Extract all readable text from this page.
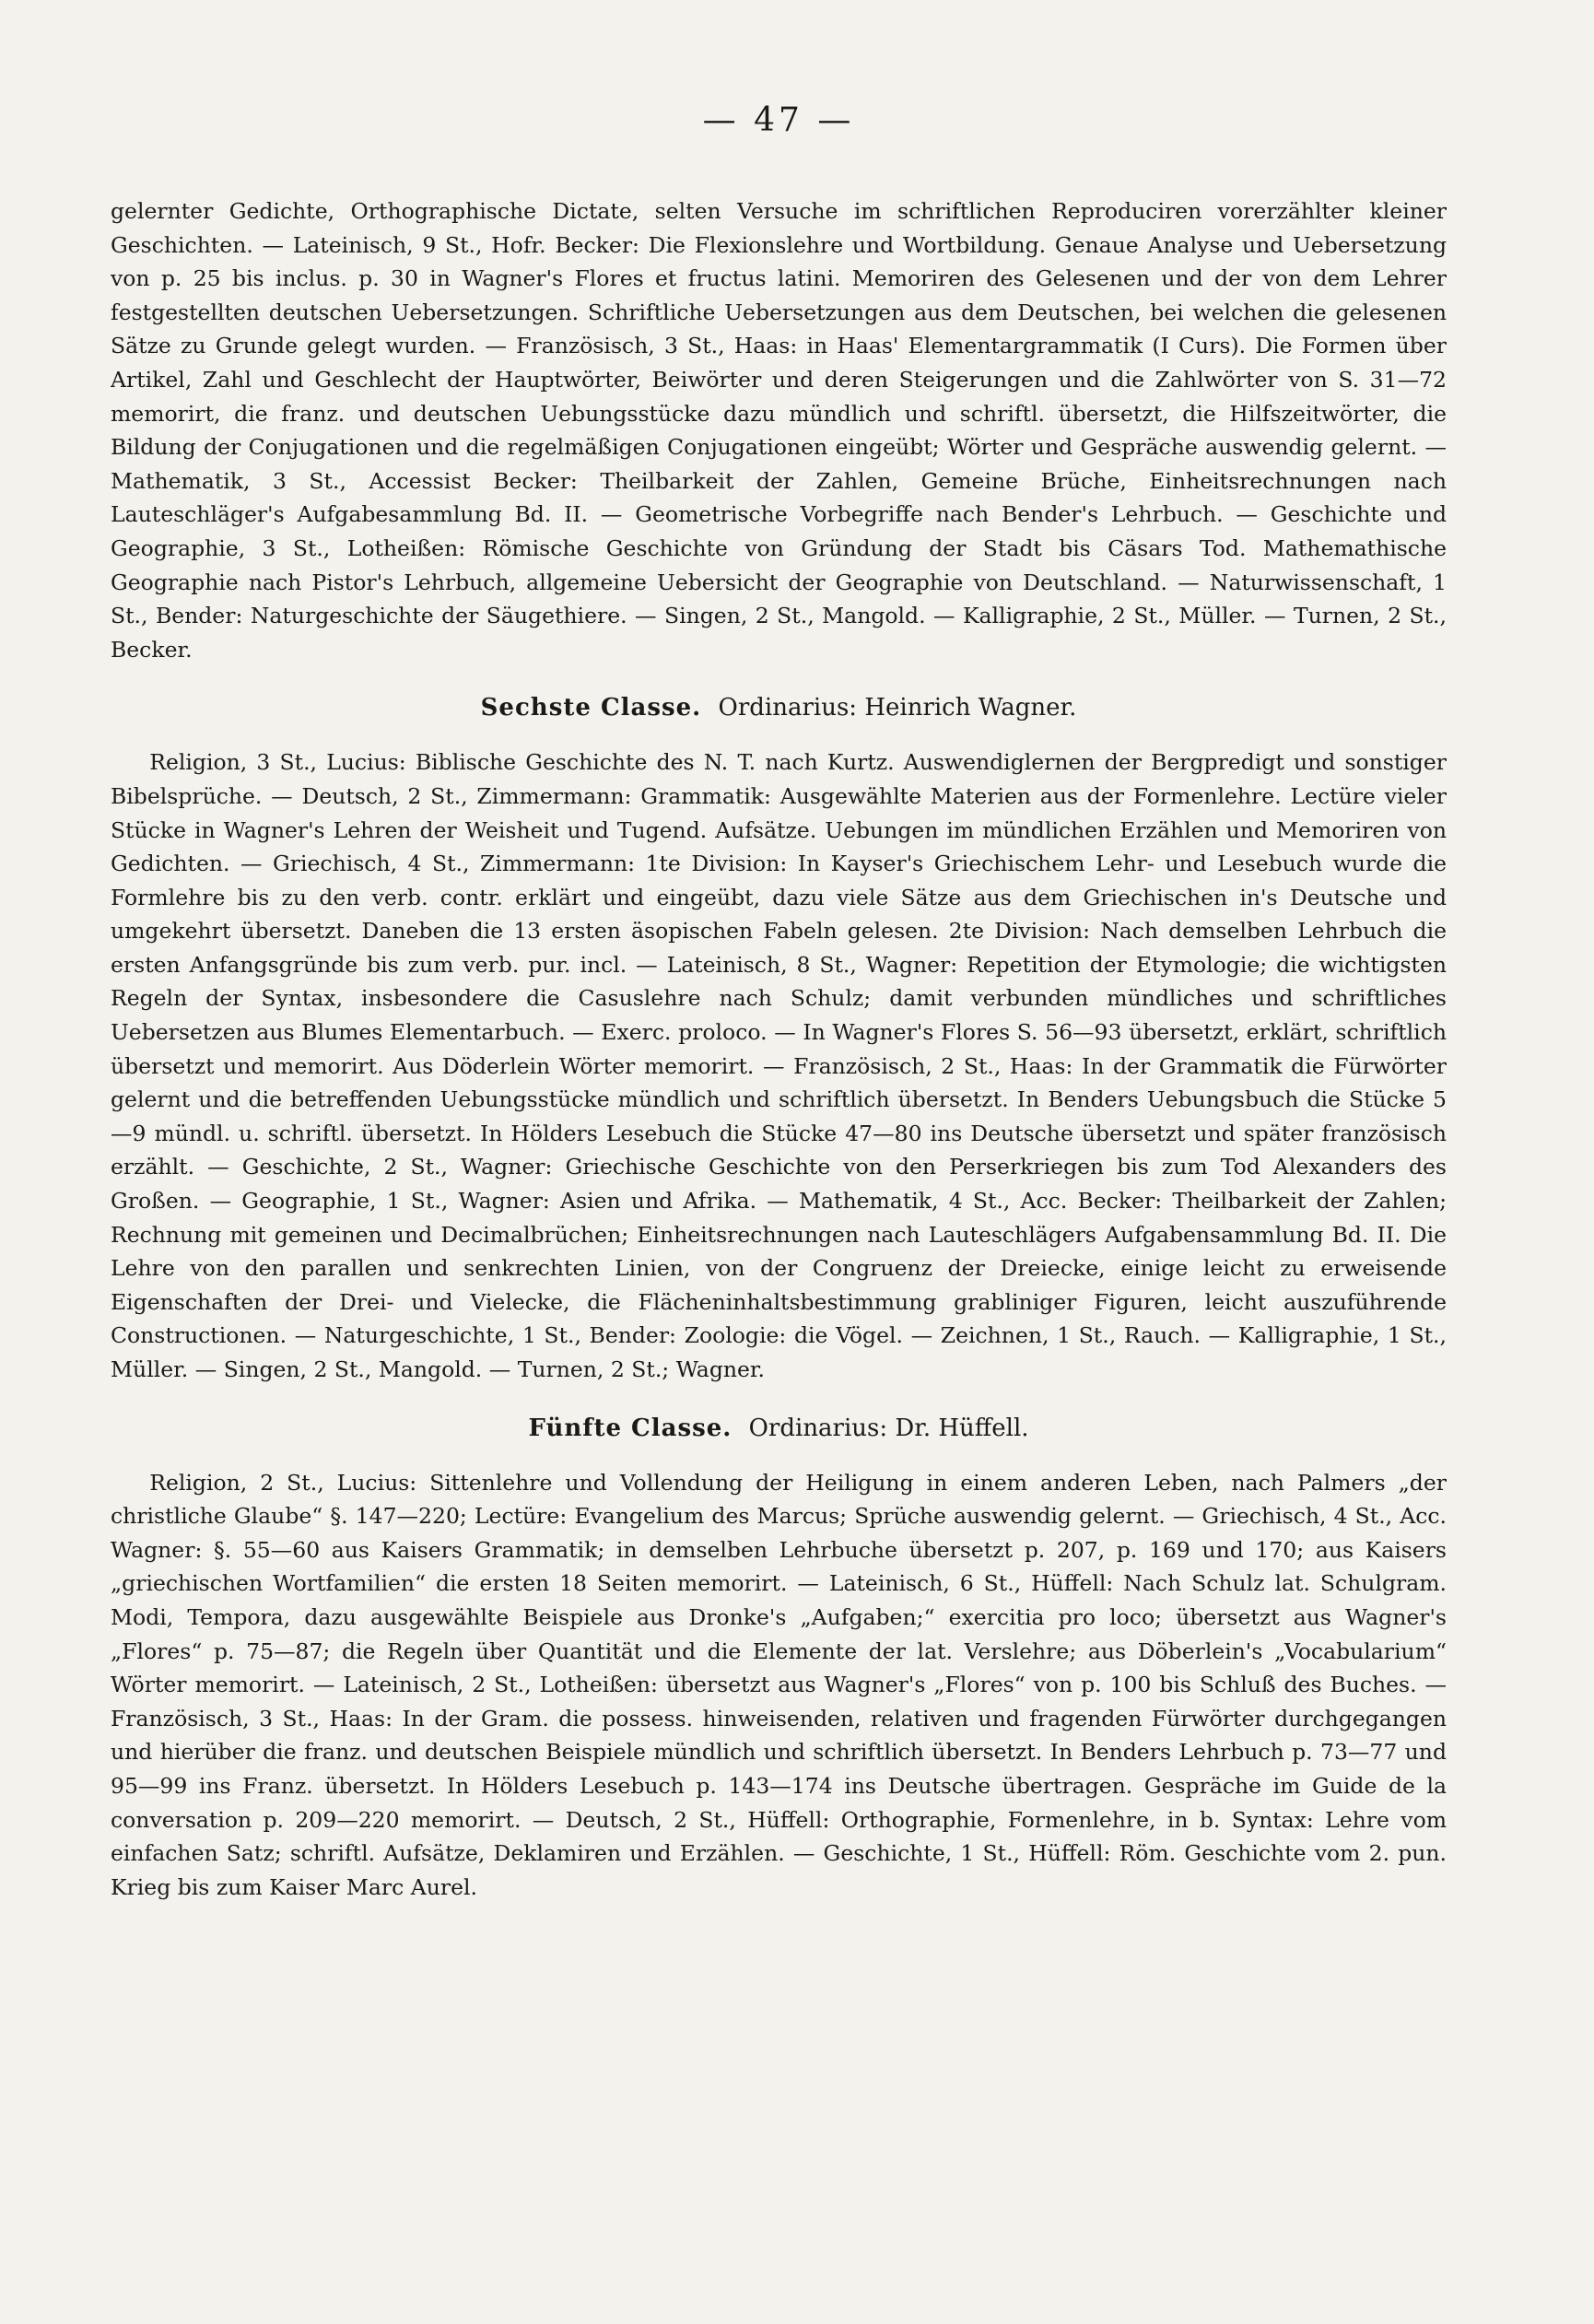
— 47 —

gelernter Gedichte, Orthographische Dictate, selten Versuche im schriftlichen Reproduciren vorerzählter kleiner Geschichten. — Lateinisch, 9 St., Hofr. Becker: Die Flexionslehre und Wortbildung. Genaue Analyse und Uebersetzung von p. 25 bis inclus. p. 30 in Wagner's Flores et fructus latini. Memoriren des Gelesenen und der von dem Lehrer festgestellten deutschen Uebersetzungen. Schriftliche Uebersetzungen aus dem Deutschen, bei welchen die gelesenen Sätze zu Grunde gelegt wurden. — Französisch, 3 St., Haas: in Haas' Elementargrammatik (I Curs). Die Formen über Artikel, Zahl und Geschlecht der Hauptwörter, Beiwörter und deren Steigerungen und die Zahlwörter von S. 31—72 memorirt, die franz. und deutschen Uebungsstücke dazu mündlich und schriftl. übersetzt, die Hilfszeitwörter, die Bildung der Conjugationen und die regelmäßigen Conjugationen eingeübt; Wörter und Gespräche auswendig gelernt. — Mathematik, 3 St., Accessist Becker: Theilbarkeit der Zahlen, Gemeine Brüche, Einheitsrechnungen nach Lauteschläger's Aufgabesammlung Bd. II. — Geometrische Vorbegriffe nach Bender's Lehrbuch. — Geschichte und Geographie, 3 St., Lotheißen: Römische Geschichte von Gründung der Stadt bis Cäsars Tod. Mathemathische Geographie nach Pistor's Lehrbuch, allgemeine Uebersicht der Geographie von Deutschland. — Naturwissenschaft, 1 St., Bender: Naturgeschichte der Säugethiere. — Singen, 2 St., Mangold. — Kalligraphie, 2 St., Müller. — Turnen, 2 St., Becker.

Sechste Classe. Ordinarius: Heinrich Wagner.

Religion, 3 St., Lucius: Biblische Geschichte des N. T. nach Kurtz. Auswendiglernen der Bergpredigt und sonstiger Bibelsprüche. — Deutsch, 2 St., Zimmermann: Grammatik: Ausgewählte Materien aus der Formenlehre. Lectüre vieler Stücke in Wagner's Lehren der Weisheit und Tugend. Aufsätze. Uebungen im mündlichen Erzählen und Memoriren von Gedichten. — Griechisch, 4 St., Zimmermann: 1te Division: In Kayser's Griechischem Lehr- und Lesebuch wurde die Formlehre bis zu den verb. contr. erklärt und eingeübt, dazu viele Sätze aus dem Griechischen in's Deutsche und umgekehrt übersetzt. Daneben die 13 ersten äsopischen Fabeln gelesen. 2te Division: Nach demselben Lehrbuch die ersten Anfangsgründe bis zum verb. pur. incl. — Lateinisch, 8 St., Wagner: Repetition der Etymologie; die wichtigsten Regeln der Syntax, insbesondere die Casuslehre nach Schulz; damit verbunden mündliches und schriftliches Uebersetzen aus Blumes Elementarbuch. — Exerc. proloco. — In Wagner's Flores S. 56—93 übersetzt, erklärt, schriftlich übersetzt und memorirt. Aus Döderlein Wörter memorirt. — Französisch, 2 St., Haas: In der Grammatik die Fürwörter gelernt und die betreffenden Uebungsstücke mündlich und schriftlich übersetzt. In Benders Uebungsbuch die Stücke 5—9 mündl. u. schriftl. übersetzt. In Hölders Lesebuch die Stücke 47—80 ins Deutsche übersetzt und später französisch erzählt. — Geschichte, 2 St., Wagner: Griechische Geschichte von den Perserkriegen bis zum Tod Alexanders des Großen. — Geographie, 1 St., Wagner: Asien und Afrika. — Mathematik, 4 St., Acc. Becker: Theilbarkeit der Zahlen; Rechnung mit gemeinen und Decimalbrüchen; Einheitsrechnungen nach Lauteschlägers Aufgabensammlung Bd. II. Die Lehre von den parallen und senkrechten Linien, von der Congruenz der Dreiecke, einige leicht zu erweisende Eigenschaften der Drei- und Vielecke, die Flächeninhaltsbestimmung grabliniger Figuren, leicht auszuführende Constructionen. — Naturgeschichte, 1 St., Bender: Zoologie: die Vögel. — Zeichnen, 1 St., Rauch. — Kalligraphie, 1 St., Müller. — Singen, 2 St., Mangold. — Turnen, 2 St.; Wagner.

Fünfte Classe. Ordinarius: Dr. Hüffell.

Religion, 2 St., Lucius: Sittenlehre und Vollendung der Heiligung in einem anderen Leben, nach Palmers „der christliche Glaube“ §. 147—220; Lectüre: Evangelium des Marcus; Sprüche auswendig gelernt. — Griechisch, 4 St., Acc. Wagner: §. 55—60 aus Kaisers Grammatik; in demselben Lehrbuche übersetzt p. 207, p. 169 und 170; aus Kaisers „griechischen Wortfamilien“ die ersten 18 Seiten memorirt. — Lateinisch, 6 St., Hüffell: Nach Schulz lat. Schulgram. Modi, Tempora, dazu ausgewählte Beispiele aus Dronke's „Aufgaben;“ exercitia pro loco; übersetzt aus Wagner's „Flores“ p. 75—87; die Regeln über Quantität und die Elemente der lat. Verslehre; aus Döberlein's „Vocabularium“ Wörter memorirt. — Lateinisch, 2 St., Lotheißen: übersetzt aus Wagner's „Flores“ von p. 100 bis Schluß des Buches. — Französisch, 3 St., Haas: In der Gram. die possess. hinweisenden, relativen und fragenden Fürwörter durchgegangen und hierüber die franz. und deutschen Beispiele mündlich und schriftlich übersetzt. In Benders Lehrbuch p. 73—77 und 95—99 ins Franz. übersetzt. In Hölders Lesebuch p. 143—174 ins Deutsche übertragen. Gespräche im Guide de la conversation p. 209—220 memorirt. — Deutsch, 2 St., Hüffell: Orthographie, Formenlehre, in b. Syntax: Lehre vom einfachen Satz; schriftl. Aufsätze, Deklamiren und Erzählen. — Geschichte, 1 St., Hüffell: Röm. Geschichte vom 2. pun. Krieg bis zum Kaiser Marc Aurel.
